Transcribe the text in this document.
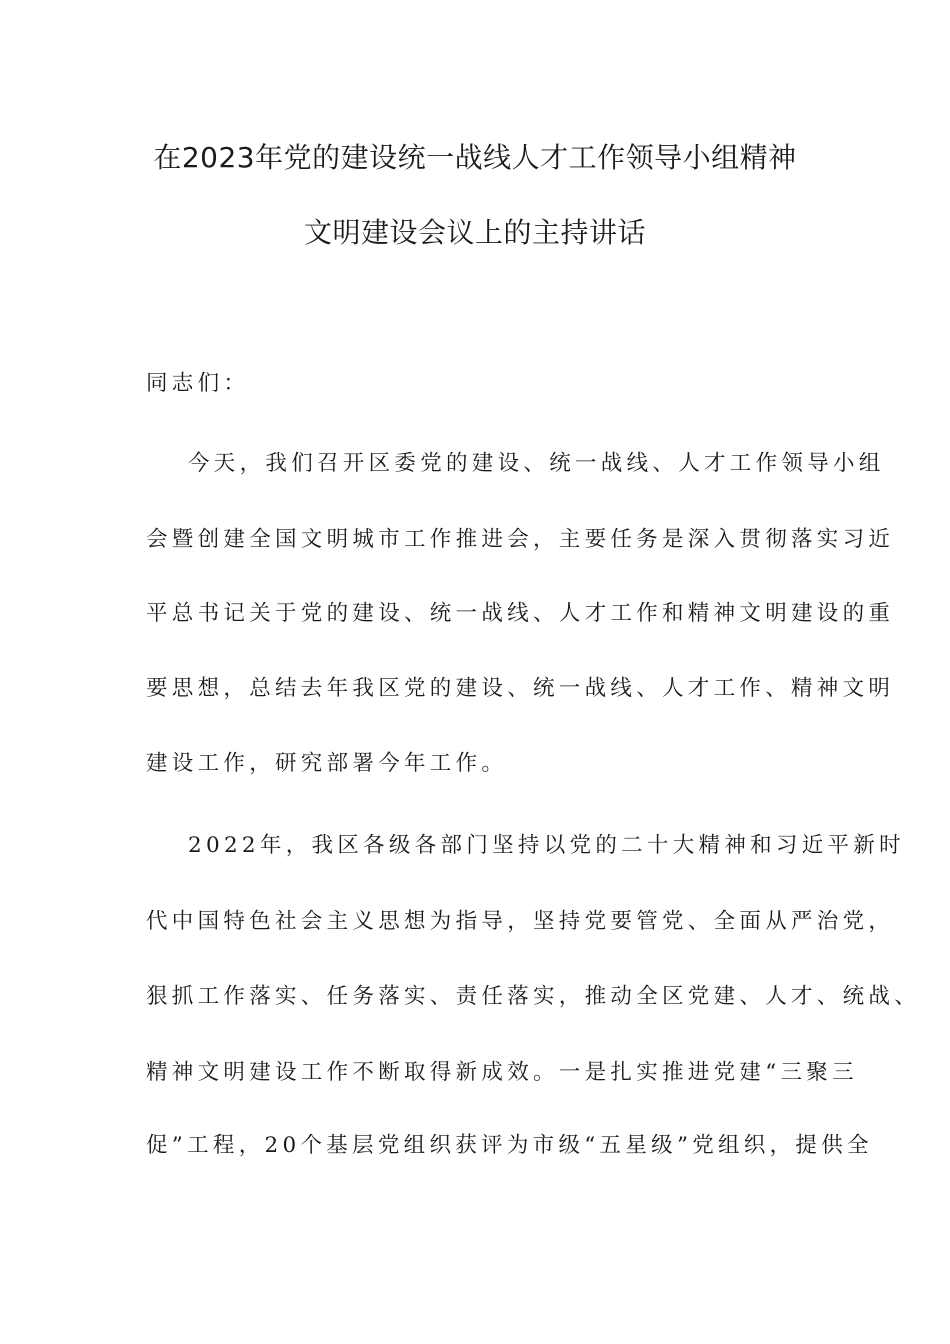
在2023年党的建设统一战线人才工作领导小组精神
文明建设会议上的主持讲话
同志们：
今天，我们召开区委党的建设、统一战线、人才工作领导小组
会暨创建全国文明城市工作推进会，主要任务是深入贯彻落实习近
平总书记关于党的建设、统一战线、人才工作和精神文明建设的重
要思想，总结去年我区党的建设、统一战线、人才工作、精神文明
建设工作，研究部署今年工作。
2022年，我区各级各部门坚持以党的二十大精神和习近平新时
代中国特色社会主义思想为指导，坚持党要管党、全面从严治党，
狠抓工作落实、任务落实、责任落实，推动全区党建、人才、统战、
精神文明建设工作不断取得新成效。一是扎实推进党建“三聚三
促”工程，20个基层党组织获评为市级“五星级”党组织，提供全
